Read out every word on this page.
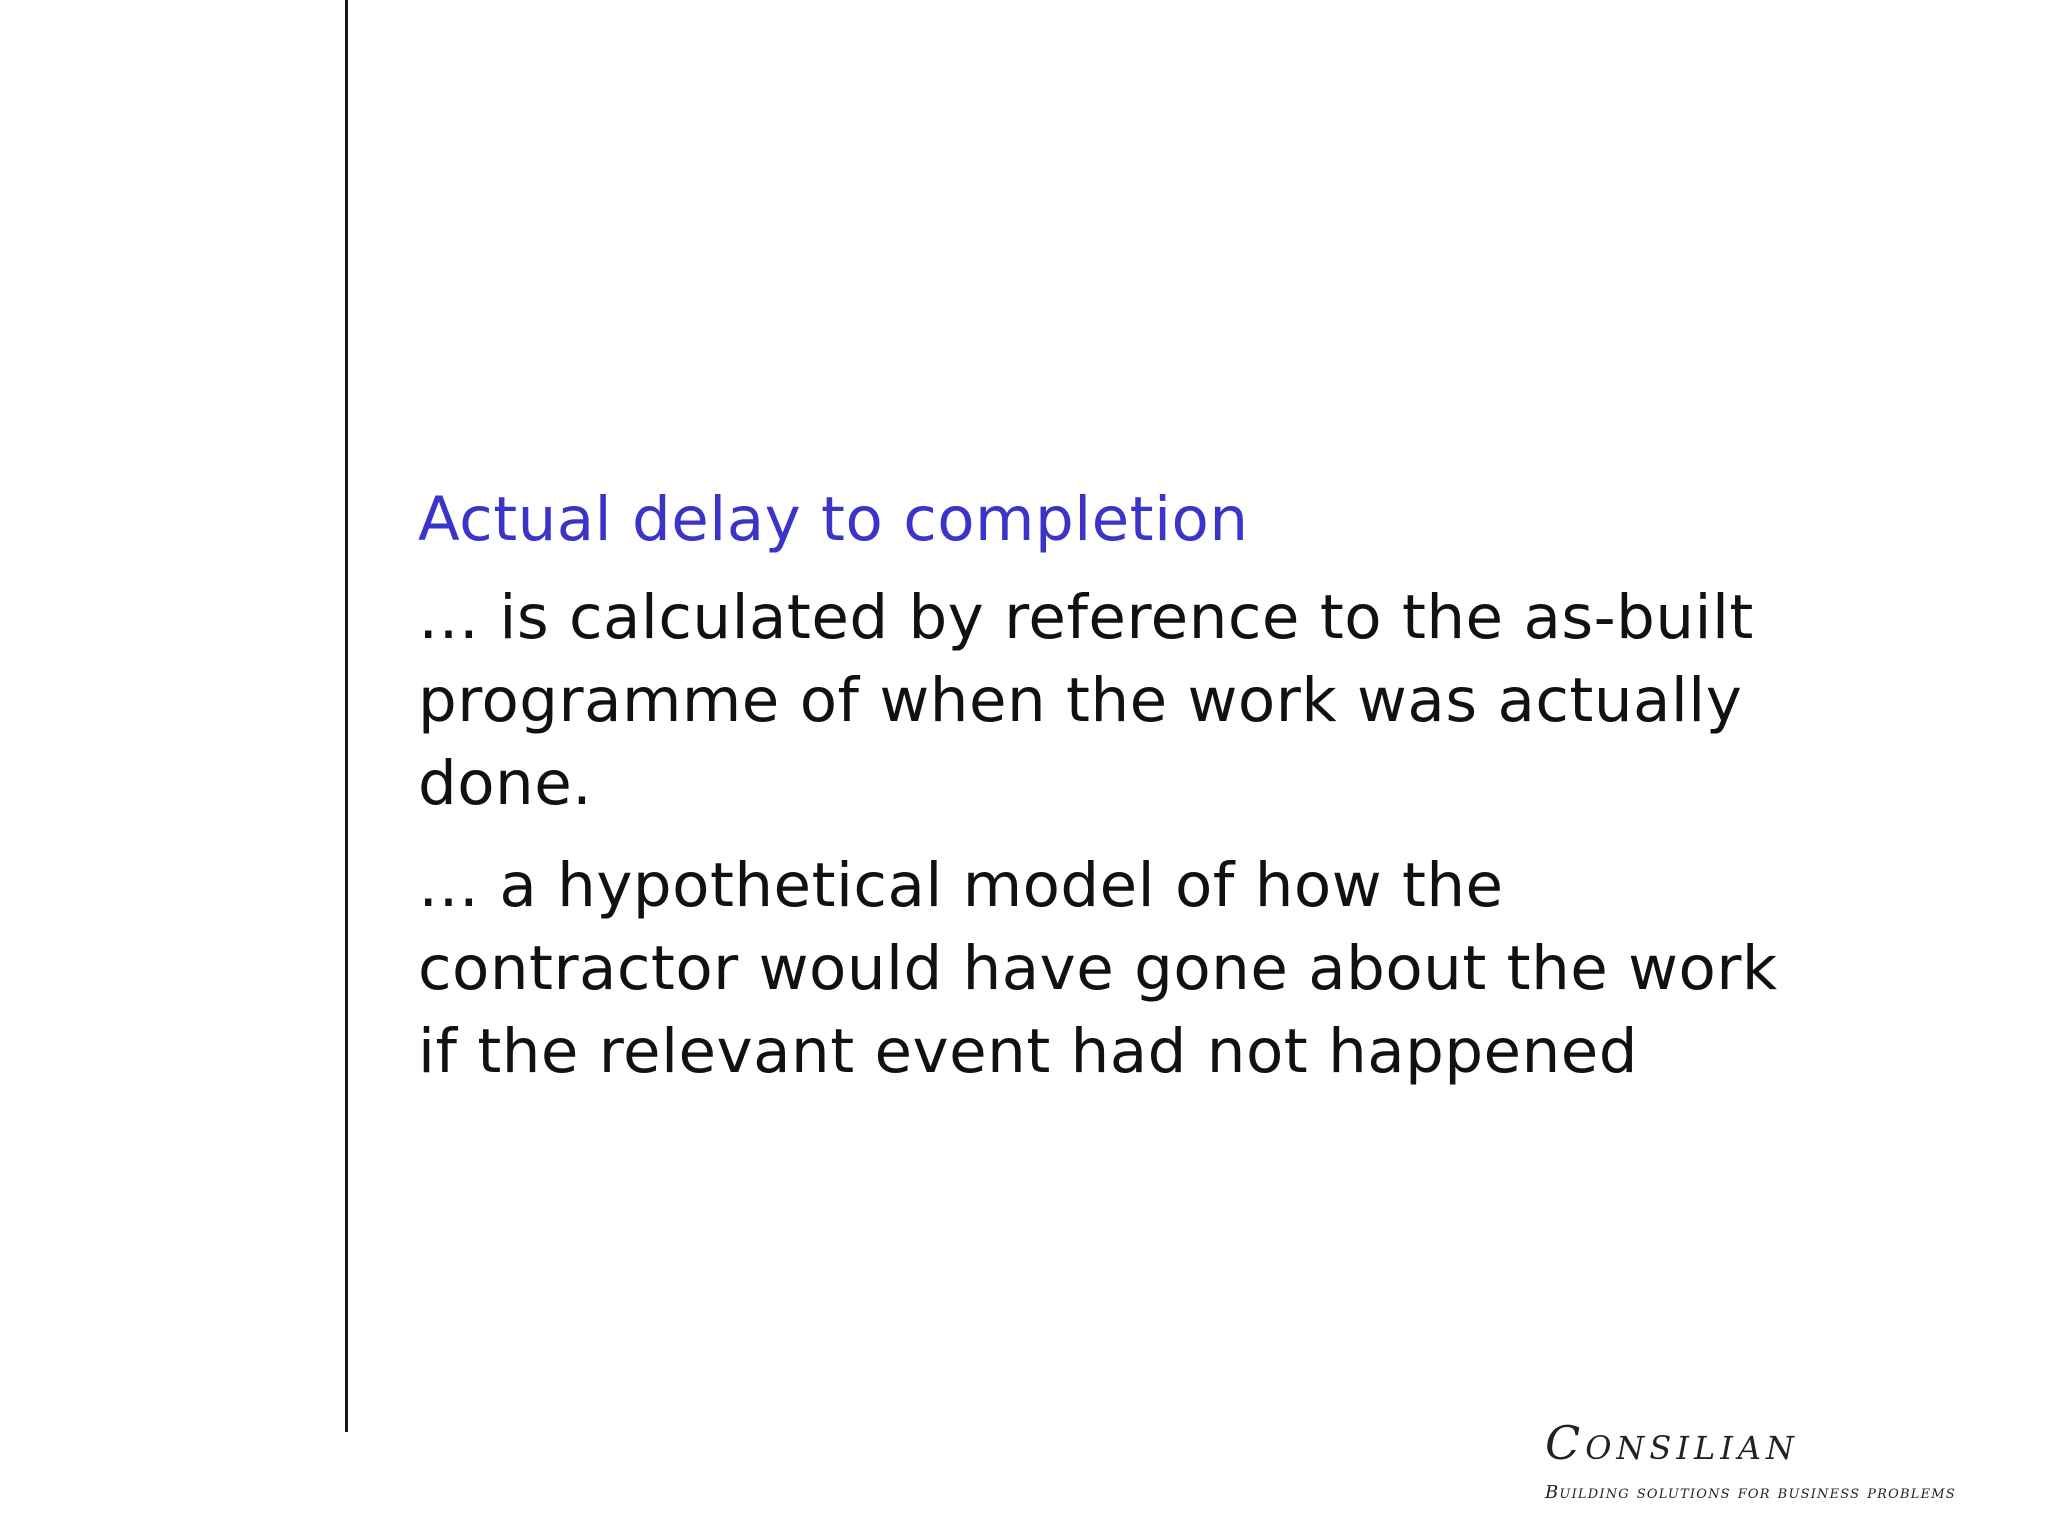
Actual delay to completion

… is calculated by reference to the as-built programme of when the work was actually done.

… a hypothetical model of how the contractor would have gone about the work if the relevant event had not happened

Consilian
Building solutions for business problems
